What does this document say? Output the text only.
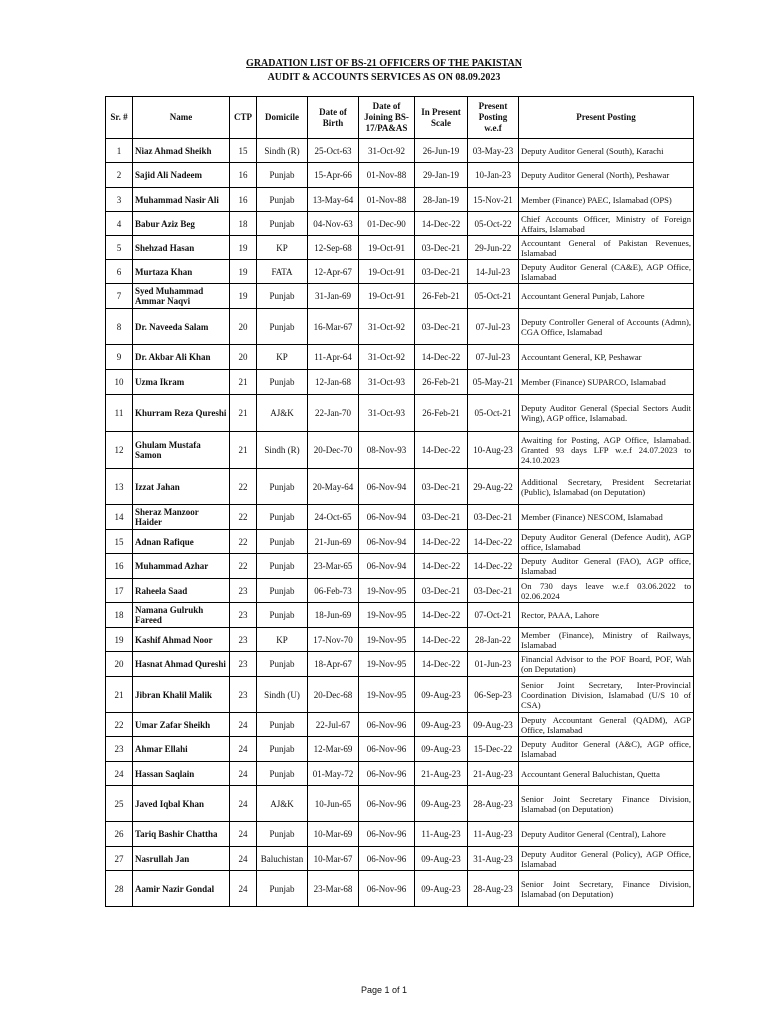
GRADATION LIST OF BS-21 OFFICERS OF THE PAKISTAN
AUDIT & ACCOUNTS SERVICES AS ON 08.09.2023
Sr. #	Name	CTP	Domicile	Date of Birth	Date of Joining BS-17/PA&AS	In Present Scale	Present Posting w.e.f	Present Posting
1	Niaz Ahmad Sheikh	15	Sindh (R)	25-Oct-63	31-Oct-92	26-Jun-19	03-May-23	Deputy Auditor General (South), Karachi
2	Sajid Ali Nadeem	16	Punjab	15-Apr-66	01-Nov-88	29-Jan-19	10-Jan-23	Deputy Auditor General (North), Peshawar
3	Muhammad Nasir Ali	16	Punjab	13-May-64	01-Nov-88	28-Jan-19	15-Nov-21	Member (Finance) PAEC, Islamabad (OPS)
4	Babur Aziz Beg	18	Punjab	04-Nov-63	01-Dec-90	14-Dec-22	05-Oct-22	Chief Accounts Officer, Ministry of Foreign Affairs, Islamabad
5	Shehzad Hasan	19	KP	12-Sep-68	19-Oct-91	03-Dec-21	29-Jun-22	Accountant General of Pakistan Revenues, Islamabad
6	Murtaza Khan	19	FATA	12-Apr-67	19-Oct-91	03-Dec-21	14-Jul-23	Deputy Auditor General (CA&E), AGP Office, Islamabad
7	Syed Muhammad Ammar Naqvi	19	Punjab	31-Jan-69	19-Oct-91	26-Feb-21	05-Oct-21	Accountant General Punjab, Lahore
8	Dr. Naveeda Salam	20	Punjab	16-Mar-67	31-Oct-92	03-Dec-21	07-Jul-23	Deputy Controller General of Accounts (Admn), CGA Office, Islamabad
9	Dr. Akbar Ali Khan	20	KP	11-Apr-64	31-Oct-92	14-Dec-22	07-Jul-23	Accountant General, KP, Peshawar
10	Uzma Ikram	21	Punjab	12-Jan-68	31-Oct-93	26-Feb-21	05-May-21	Member (Finance) SUPARCO, Islamabad
11	Khurram Reza Qureshi	21	AJ&K	22-Jan-70	31-Oct-93	26-Feb-21	05-Oct-21	Deputy Auditor General (Special Sectors Audit Wing), AGP office, Islamabad.
12	Ghulam Mustafa Samon	21	Sindh (R)	20-Dec-70	08-Nov-93	14-Dec-22	10-Aug-23	Awaiting for Posting, AGP Office, Islamabad. Granted 93 days LFP w.e.f 24.07.2023 to 24.10.2023
13	Izzat Jahan	22	Punjab	20-May-64	06-Nov-94	03-Dec-21	29-Aug-22	Additional Secretary, President Secretariat (Public), Islamabad (on Deputation)
14	Sheraz Manzoor Haider	22	Punjab	24-Oct-65	06-Nov-94	03-Dec-21	03-Dec-21	Member (Finance) NESCOM, Islamabad
15	Adnan Rafique	22	Punjab	21-Jun-69	06-Nov-94	14-Dec-22	14-Dec-22	Deputy Auditor General (Defence Audit), AGP office, Islamabad
16	Muhammad Azhar	22	Punjab	23-Mar-65	06-Nov-94	14-Dec-22	14-Dec-22	Deputy Auditor General (FAO), AGP office, Islamabad
17	Raheela Saad	23	Punjab	06-Feb-73	19-Nov-95	03-Dec-21	03-Dec-21	On 730 days leave w.e.f 03.06.2022 to 02.06.2024
18	Namana Gulrukh Fareed	23	Punjab	18-Jun-69	19-Nov-95	14-Dec-22	07-Oct-21	Rector, PAAA, Lahore
19	Kashif Ahmad Noor	23	KP	17-Nov-70	19-Nov-95	14-Dec-22	28-Jan-22	Member (Finance), Ministry of Railways, Islamabad
20	Hasnat Ahmad Qureshi	23	Punjab	18-Apr-67	19-Nov-95	14-Dec-22	01-Jun-23	Financial Advisor to the POF Board, POF, Wah (on Deputation)
21	Jibran Khalil Malik	23	Sindh (U)	20-Dec-68	19-Nov-95	09-Aug-23	06-Sep-23	Senior Joint Secretary, Inter-Provincial Coordination Division, Islamabad (U/S 10 of CSA)
22	Umar Zafar Sheikh	24	Punjab	22-Jul-67	06-Nov-96	09-Aug-23	09-Aug-23	Deputy Accountant General (QADM), AGP Office, Islamabad
23	Ahmar Ellahi	24	Punjab	12-Mar-69	06-Nov-96	09-Aug-23	15-Dec-22	Deputy Auditor General (A&C), AGP office, Islamabad
24	Hassan Saqlain	24	Punjab	01-May-72	06-Nov-96	21-Aug-23	21-Aug-23	Accountant General Baluchistan, Quetta
25	Javed Iqbal Khan	24	AJ&K	10-Jun-65	06-Nov-96	09-Aug-23	28-Aug-23	Senior Joint Secretary Finance Division, Islamabad (on Deputation)
26	Tariq Bashir Chattha	24	Punjab	10-Mar-69	06-Nov-96	11-Aug-23	11-Aug-23	Deputy Auditor General (Central), Lahore
27	Nasrullah Jan	24	Baluchistan	10-Mar-67	06-Nov-96	09-Aug-23	31-Aug-23	Deputy Auditor General (Policy), AGP Office, Islamabad
28	Aamir Nazir Gondal	24	Punjab	23-Mar-68	06-Nov-96	09-Aug-23	28-Aug-23	Senior Joint Secretary, Finance Division, Islamabad (on Deputation)
Page 1 of 1
